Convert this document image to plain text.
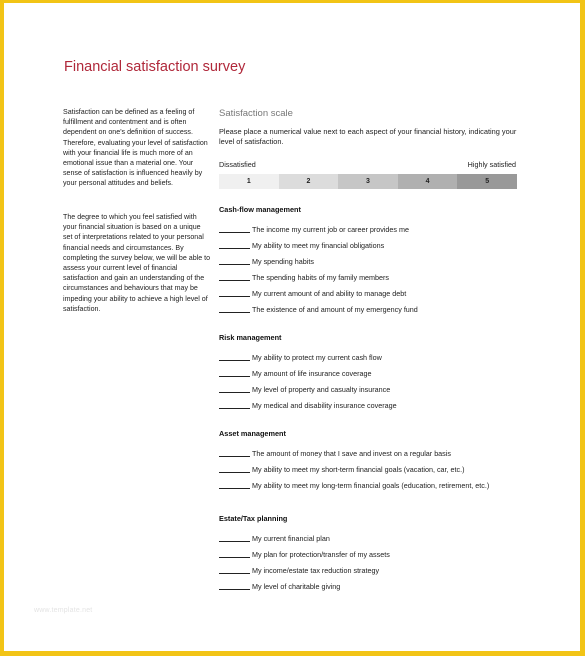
Financial satisfaction survey

Satisfaction can be defined as a feeling of fulfillment and contentment and is often dependent on one's definition of success. Therefore, evaluating your level of satisfaction with your financial life is much more of an emotional issue than a material one. Your sense of satisfaction is influenced heavily by your personal attitudes and beliefs.

The degree to which you feel satisfied with your financial situation is based on a unique set of interpretations related to your personal financial needs and circumstances. By completing the survey below, we will be able to assess your current level of financial satisfaction and gain an understanding of the circumstances and behaviours that may be impeding your ability to achieve a high level of satisfaction.

Satisfaction scale
Please place a numerical value next to each aspect of your financial history, indicating your level of satisfaction.
Dissatisfied	Highly satisfied
1	2	3	4	5
Cash-flow management
The income my current job or career provides me
My ability to meet my financial obligations
My spending habits
The spending habits of my family members
My current amount of and ability to manage debt
The existence of and amount of my emergency fund
Risk management
My ability to protect my current cash flow
My amount of life insurance coverage
My level of property and casualty insurance
My medical and disability insurance coverage
Asset management
The amount of money that I save and invest on a regular basis
My ability to meet my short-term financial goals (vacation, car, etc.)
My ability to meet my long-term financial goals (education, retirement, etc.)
Estate/Tax planning
My current financial plan
My plan for protection/transfer of my assets
My income/estate tax reduction strategy
My level of charitable giving
www.template.net
